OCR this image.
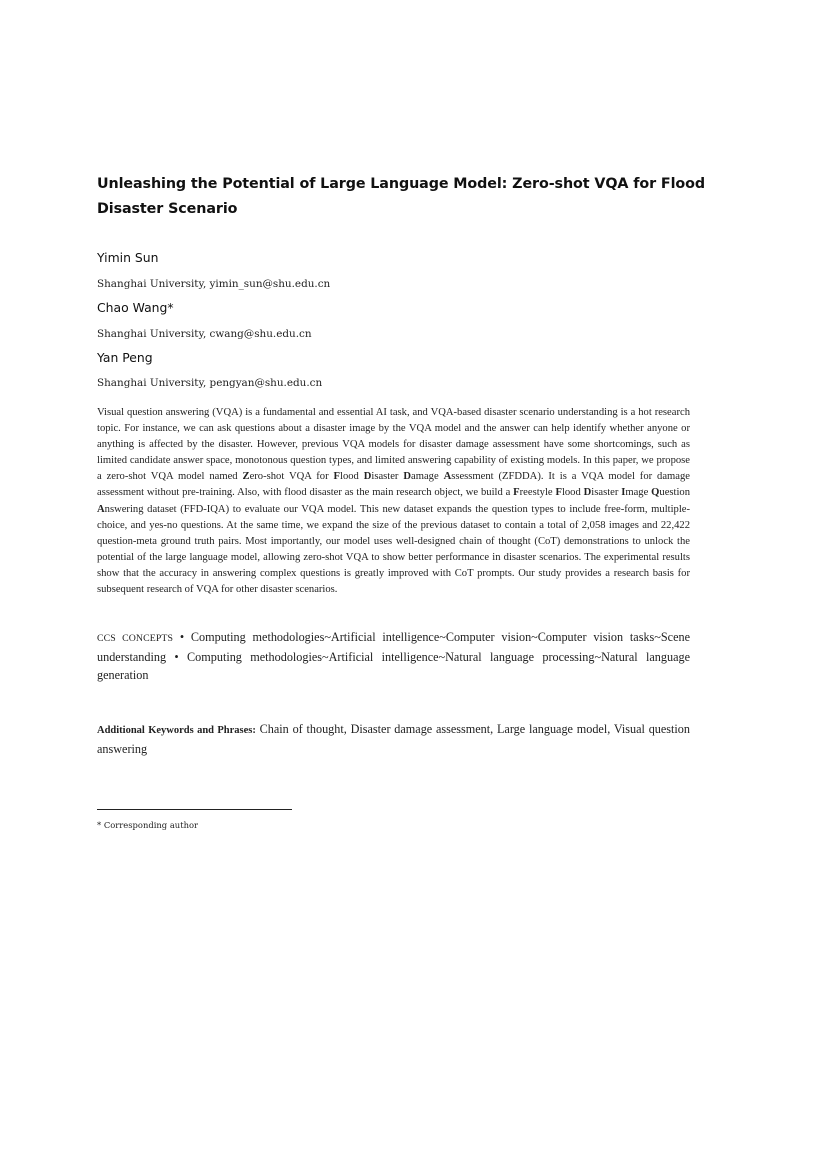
Unleashing the Potential of Large Language Model: Zero-shot VQA for Flood Disaster Scenario
Yimin Sun
Shanghai University, yimin_sun@shu.edu.cn
Chao Wang*
Shanghai University, cwang@shu.edu.cn
Yan Peng
Shanghai University, pengyan@shu.edu.cn
Visual question answering (VQA) is a fundamental and essential AI task, and VQA-based disaster scenario understanding is a hot research topic. For instance, we can ask questions about a disaster image by the VQA model and the answer can help identify whether anyone or anything is affected by the disaster. However, previous VQA models for disaster damage assessment have some shortcomings, such as limited candidate answer space, monotonous question types, and limited answering capability of existing models. In this paper, we propose a zero-shot VQA model named Zero-shot VQA for Flood Disaster Damage Assessment (ZFDDA). It is a VQA model for damage assessment without pre-training. Also, with flood disaster as the main research object, we build a Freestyle Flood Disaster Image Question Answering dataset (FFD-IQA) to evaluate our VQA model. This new dataset expands the question types to include free-form, multiple-choice, and yes-no questions. At the same time, we expand the size of the previous dataset to contain a total of 2,058 images and 22,422 question-meta ground truth pairs. Most importantly, our model uses well-designed chain of thought (CoT) demonstrations to unlock the potential of the large language model, allowing zero-shot VQA to show better performance in disaster scenarios. The experimental results show that the accuracy in answering complex questions is greatly improved with CoT prompts. Our study provides a research basis for subsequent research of VQA for other disaster scenarios.
CCS CONCEPTS • Computing methodologies~Artificial intelligence~Computer vision~Computer vision tasks~Scene understanding • Computing methodologies~Artificial intelligence~Natural language processing~Natural language generation
Additional Keywords and Phrases: Chain of thought, Disaster damage assessment, Large language model, Visual question answering
* Corresponding author
